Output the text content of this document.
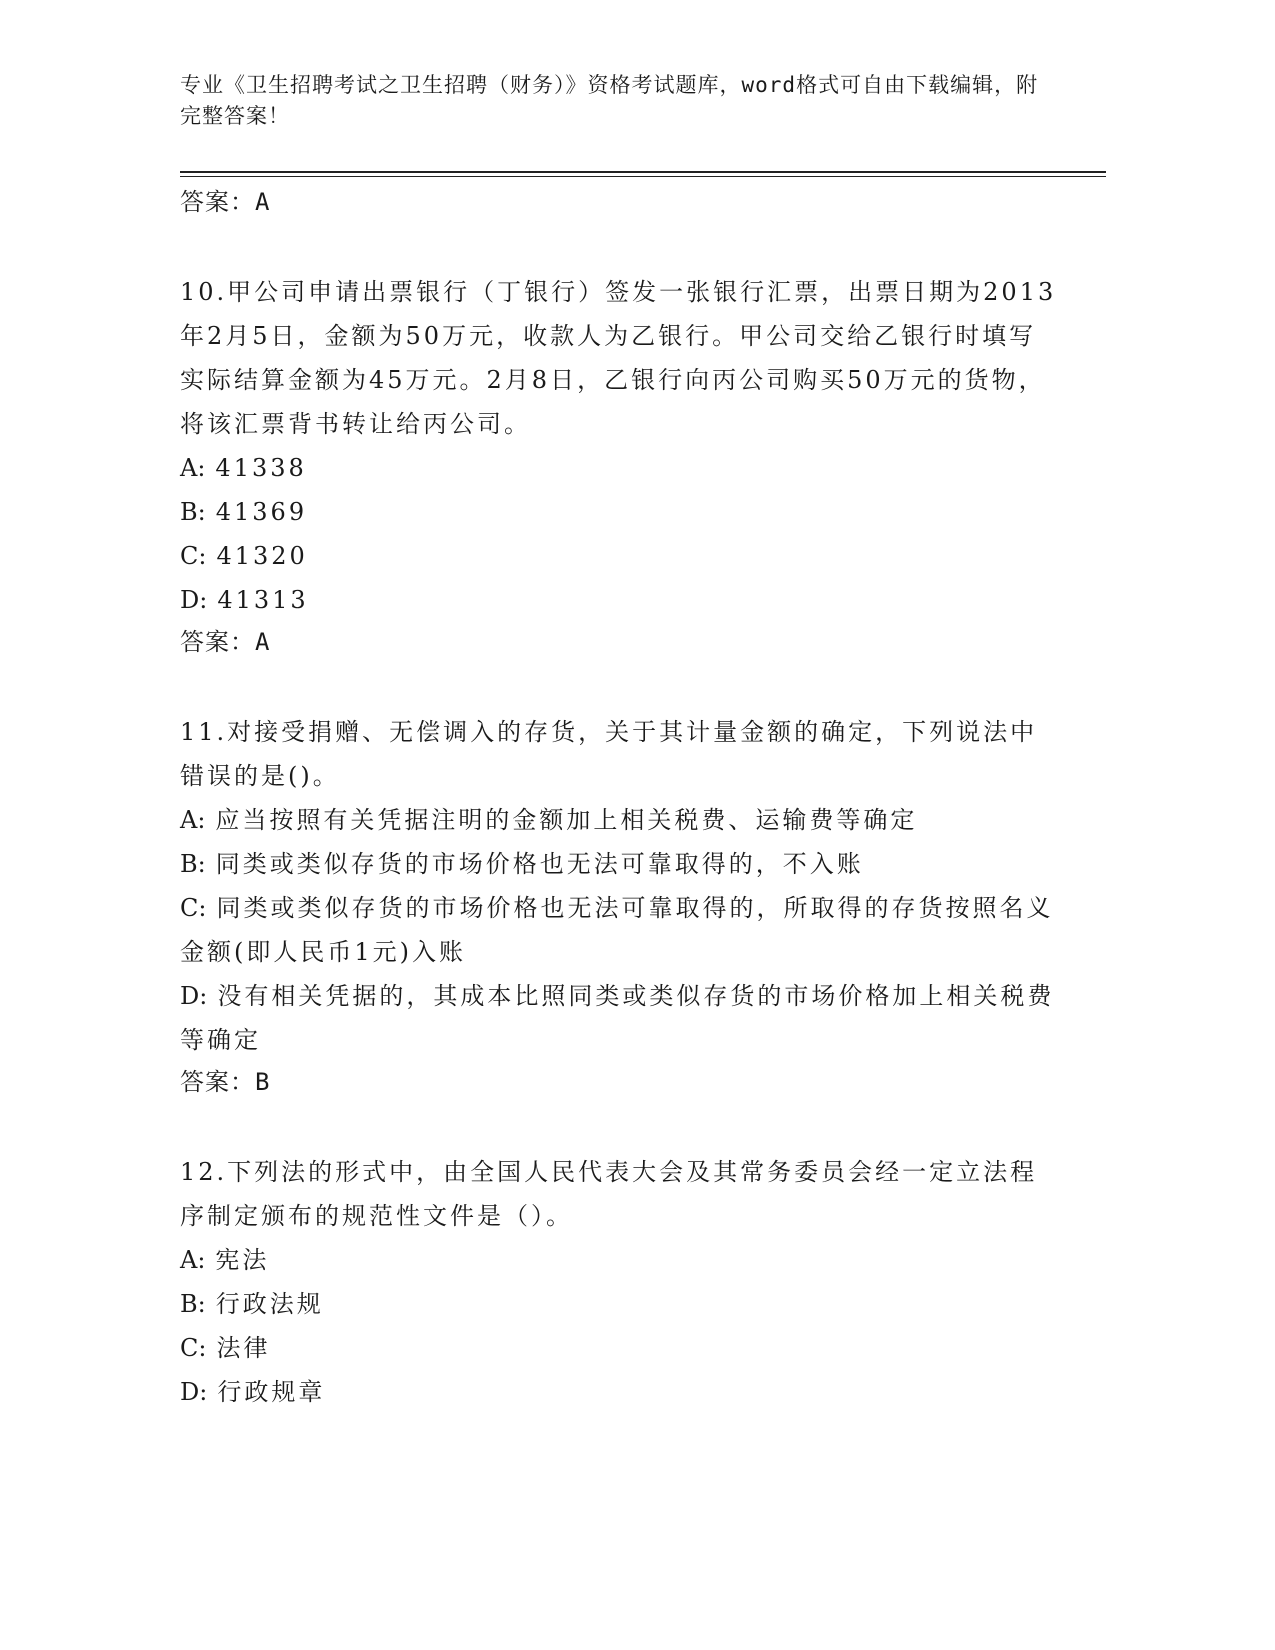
专业《卫生招聘考试之卫生招聘（财务）》资格考试题库，word格式可自由下载编辑，附完整答案！

答案：A

10.甲公司申请出票银行（丁银行）签发一张银行汇票，出票日期为2013年2月5日，金额为50万元，收款人为乙银行。甲公司交给乙银行时填写实际结算金额为45万元。2月8日，乙银行向丙公司购买50万元的货物，将该汇票背书转让给丙公司。

A: 41338

B: 41369

C: 41320

D: 41313

答案：A

11.对接受捐赠、无偿调入的存货，关于其计量金额的确定，下列说法中错误的是()。

A: 应当按照有关凭据注明的金额加上相关税费、运输费等确定

B: 同类或类似存货的市场价格也无法可靠取得的，不入账

C: 同类或类似存货的市场价格也无法可靠取得的，所取得的存货按照名义金额(即人民币1元)入账

D: 没有相关凭据的，其成本比照同类或类似存货的市场价格加上相关税费等确定

答案：B

12.下列法的形式中，由全国人民代表大会及其常务委员会经一定立法程序制定颁布的规范性文件是（）。

A: 宪法

B: 行政法规

C: 法律

D: 行政规章
